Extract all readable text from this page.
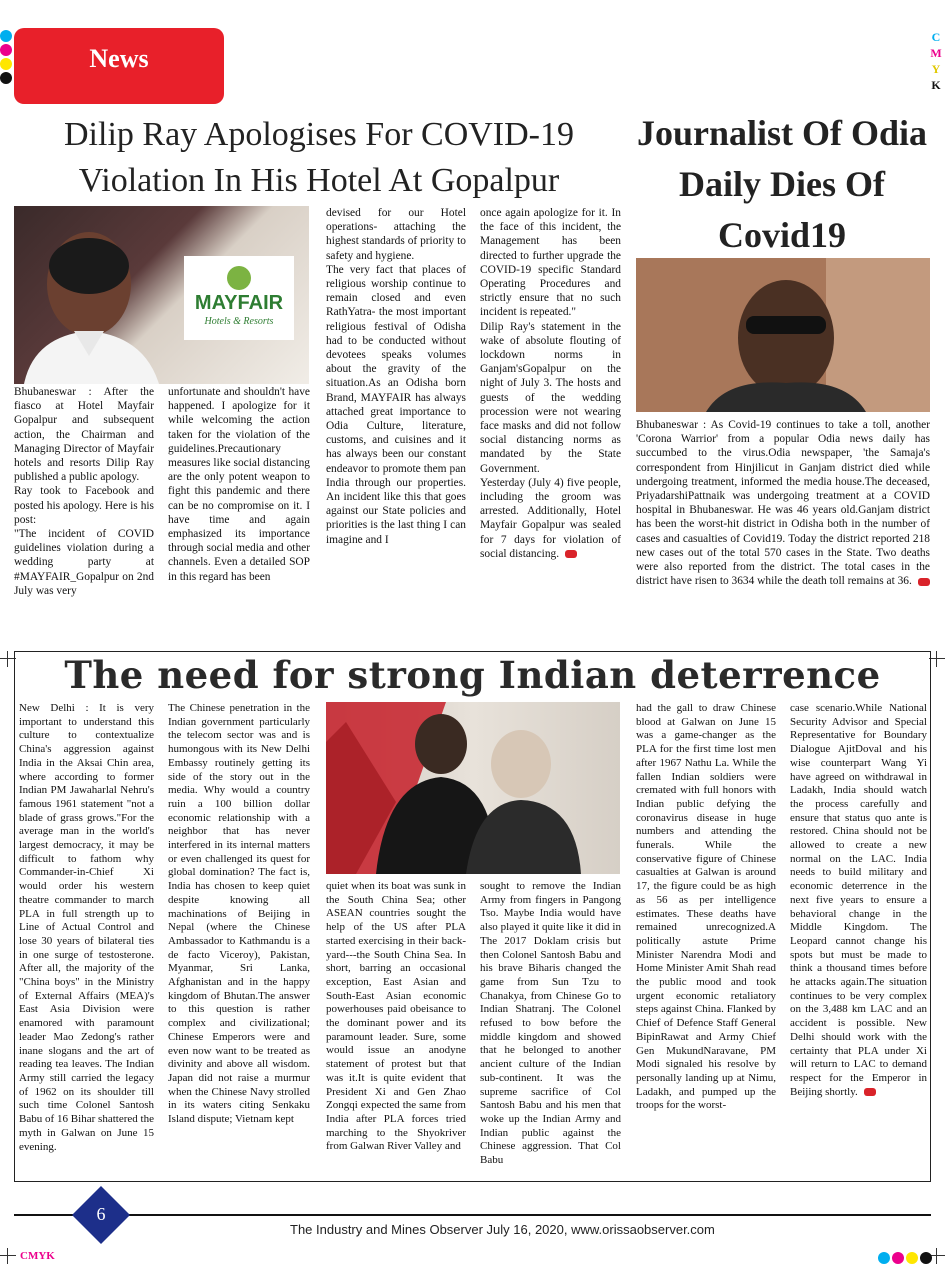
C
M
Y
K
News
Dilip Ray Apologises For COVID-19 Violation In His Hotel At Gopalpur
MAYFAIR
Hotels & Resorts

Bhubaneswar : After the fiasco at Hotel Mayfair Gopalpur and subsequent action, the Chairman and Managing Director of Mayfair hotels and resorts Dilip Ray published a public apology.

Ray took to Facebook and posted his apology. Here is his post:

"The incident of COVID guidelines violation during a wedding party at #MAYFAIR_Gopalpur on 2nd July was very

unfortunate and shouldn't have happened. I apologize for it while welcoming the action taken for the violation of the guidelines.Precautionary measures like social distancing are the only potent weapon to fight this pandemic and there can be no compromise on it. I have time and again emphasized its importance through social media and other channels. Even a detailed SOP in this regard has been

devised for our Hotel operations- attaching the highest standards of priority to safety and hygiene.

The very fact that places of religious worship continue to remain closed and even RathYatra- the most important religious festival of Odisha had to be conducted without devotees speaks volumes about the gravity of the situation.As an Odisha born Brand, MAYFAIR has always attached great importance to Odia Culture, literature, customs, and cuisines and it has always been our constant endeavor to promote them pan India through our properties. An incident like this that goes against our State policies and priorities is the last thing I can imagine and I

once again apologize for it. In the face of this incident, the Management has been directed to further upgrade the COVID-19 specific Standard Operating Procedures and strictly ensure that no such incident is repeated."

Dilip Ray's statement in the wake of absolute flouting of lockdown norms in Ganjam'sGopalpur on the night of July 3. The hosts and guests of the wedding procession were not wearing face masks and did not follow social distancing norms as mandated by the State Government.

Yesterday (July 4) five people, including the groom was arrested. Additionally, Hotel Mayfair Gopalpur was sealed for 7 days for violation of social distancing.

Journalist Of Odia Daily Dies Of Covid19

Bhubaneswar : As Covid-19 continues to take a toll, another 'Corona Warrior' from a popular Odia news daily has succumbed to the virus.Odia newspaper, 'the Samaja's correspondent from Hinjilicut in Ganjam district died while undergoing treatment, informed the media house.The deceased, PriyadarshiPattnaik was undergoing treatment at a COVID hospital in Bhubaneswar. He was 46 years old.Ganjam district has been the worst-hit district in Odisha both in the number of cases and casualties of Covid19. Today the district reported 218 new cases out of the total 570 cases in the State. Two deaths were also reported from the district. The total cases in the district have risen to 3634 while the death toll remains at 36.

The need for strong Indian deterrence

New Delhi : It is very important to understand this culture to contextualize China's aggression against India in the Aksai Chin area, where according to former Indian PM Jawaharlal Nehru's famous 1961 statement "not a blade of grass grows."For the average man in the world's largest democracy, it may be difficult to fathom why Commander-in-Chief Xi would order his western theatre commander to march PLA in full strength up to Line of Actual Control and lose 30 years of bilateral ties in one surge of testosterone. After all, the majority of the "China boys" in the Ministry of External Affairs (MEA)'s East Asia Division were enamored with paramount leader Mao Zedong's rather inane slogans and the art of reading tea leaves. The Indian Army still carried the legacy of 1962 on its shoulder till such time Colonel Santosh Babu of 16 Bihar shattered the myth in Galwan on June 15 evening.

The Chinese penetration in the Indian government particularly the telecom sector was and is humongous with its New Delhi Embassy routinely getting its side of the story out in the media. Why would a country ruin a 100 billion dollar economic relationship with a neighbor that has never interfered in its internal matters or even challenged its quest for global domination? The fact is, India has chosen to keep quiet despite knowing all machinations of Beijing in Nepal (where the Chinese Ambassador to Kathmandu is a de facto Viceroy), Pakistan, Myanmar, Sri Lanka, Afghanistan and in the happy kingdom of Bhutan.The answer to this question is rather complex and civilizational; Chinese Emperors were and even now want to be treated as divinity and above all wisdom. Japan did not raise a murmur when the Chinese Navy strolled in its waters citing Senkaku Island dispute; Vietnam kept

quiet when its boat was sunk in the South China Sea; other ASEAN countries sought the help of the US after PLA started exercising in their back-yard---the South China Sea. In short, barring an occasional exception, East Asian and South-East Asian economic powerhouses paid obeisance to the dominant power and its paramount leader. Sure, some would issue an anodyne statement of protest but that was it.It is quite evident that President Xi and Gen Zhao Zongqi expected the same from India after PLA forces tried marching to the Shyokriver from Galwan River Valley and

sought to remove the Indian Army from fingers in Pangong Tso. Maybe India would have also played it quite like it did in The 2017 Doklam crisis but then Colonel Santosh Babu and his brave Biharis changed the game from Sun Tzu to Chanakya, from Chinese Go to Indian Shatranj. The Colonel refused to bow before the middle kingdom and showed that he belonged to another ancient culture of the Indian sub-continent. It was the supreme sacrifice of Col Santosh Babu and his men that woke up the Indian Army and Indian public against the Chinese aggression. That Col Babu

had the gall to draw Chinese blood at Galwan on June 15 was a game-changer as the PLA for the first time lost men after 1967 Nathu La. While the fallen Indian soldiers were cremated with full honors with Indian public defying the coronavirus disease in huge numbers and attending the funerals. While the conservative figure of Chinese casualties at Galwan is around 17, the figure could be as high as 56 as per intelligence estimates. These deaths have remained unrecognized.A politically astute Prime Minister Narendra Modi and Home Minister Amit Shah read the public mood and took urgent economic retaliatory steps against China. Flanked by Chief of Defence Staff General BipinRawat and Army Chief Gen MukundNaravane, PM Modi signaled his resolve by personally landing up at Nimu, Ladakh, and pumped up the troops for the worst-

case scenario.While National Security Advisor and Special Representative for Boundary Dialogue AjitDoval and his wise counterpart Wang Yi have agreed on withdrawal in Ladakh, India should watch the process carefully and ensure that status quo ante is restored. China should not be allowed to create a new normal on the LAC. India needs to build military and economic deterrence in the next five years to ensure a behavioral change in the Middle Kingdom. The Leopard cannot change his spots but must be made to think a thousand times before he attacks again.The situation continues to be very complex on the 3,488 km LAC and an accident is possible. New Delhi should work with the certainty that PLA under Xi will return to LAC to demand respect for the Emperor in Beijing shortly.

6
The Industry and Mines Observer July 16, 2020, www.orissaobserver.com
CMYK
